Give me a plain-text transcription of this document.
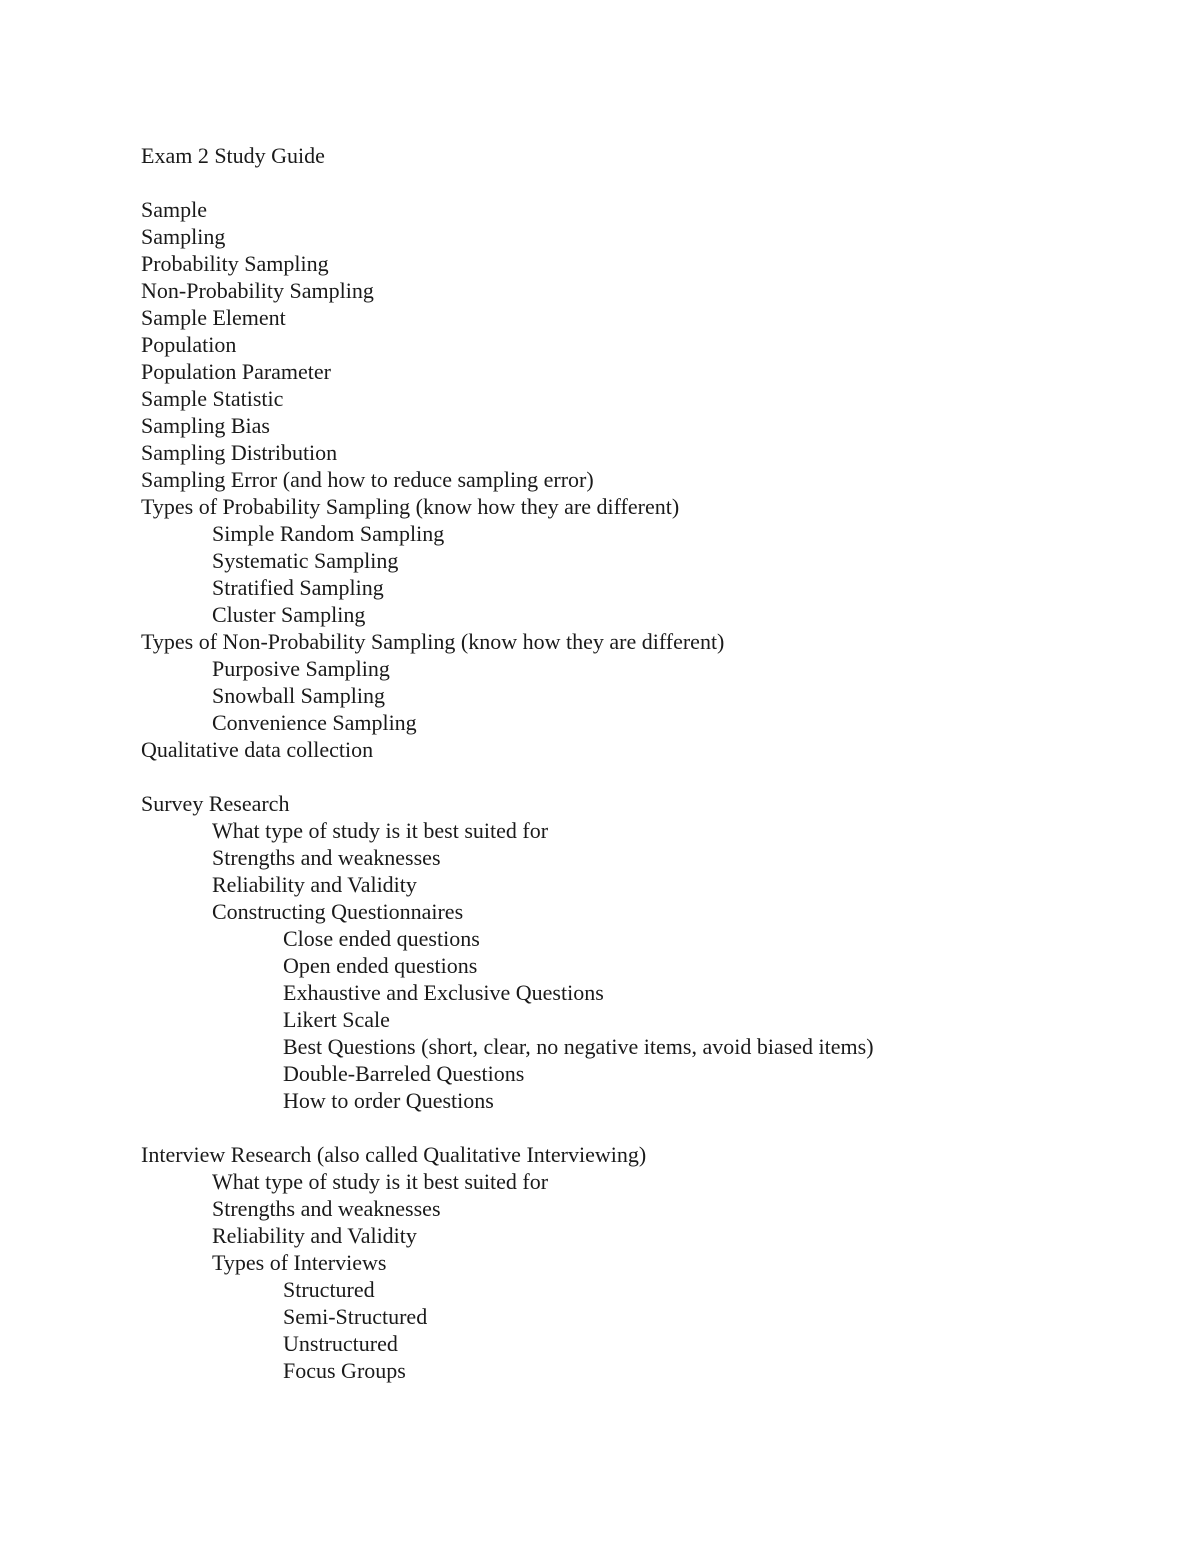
Exam 2 Study Guide
Sample
Sampling
Probability Sampling
Non-Probability Sampling
Sample Element
Population
Population Parameter
Sample Statistic
Sampling Bias
Sampling Distribution
Sampling Error (and how to reduce sampling error)
Types of Probability Sampling (know how they are different)
Simple Random Sampling
Systematic Sampling
Stratified Sampling
Cluster Sampling
Types of Non-Probability Sampling (know how they are different)
Purposive Sampling
Snowball Sampling
Convenience Sampling
Qualitative data collection
Survey Research
What type of study is it best suited for
Strengths and weaknesses
Reliability and Validity
Constructing Questionnaires
Close ended questions
Open ended questions
Exhaustive and Exclusive Questions
Likert Scale
Best Questions (short, clear, no negative items, avoid biased items)
Double-Barreled Questions
How to order Questions
Interview Research (also called Qualitative Interviewing)
What type of study is it best suited for
Strengths and weaknesses
Reliability and Validity
Types of Interviews
Structured
Semi-Structured
Unstructured
Focus Groups
